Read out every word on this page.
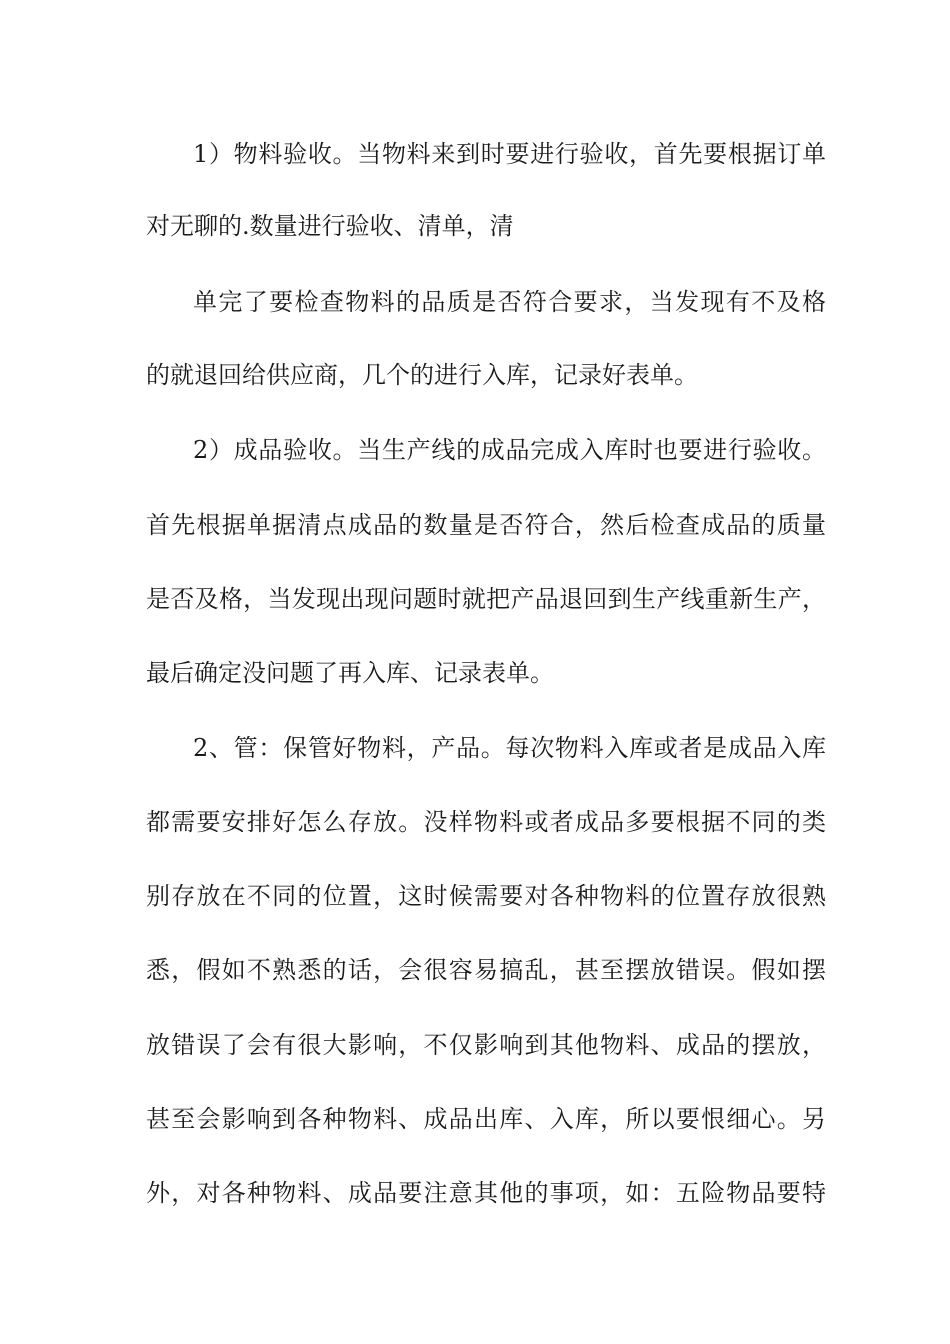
1）物料验收。当物料来到时要进行验收，首先要根据订单
对无聊的.数量进行验收、清单，清
单完了要检查物料的品质是否符合要求，当发现有不及格
的就退回给供应商，几个的进行入库，记录好表单。
2）成品验收。当生产线的成品完成入库时也要进行验收。
首先根据单据清点成品的数量是否符合，然后检查成品的质量
是否及格，当发现出现问题时就把产品退回到生产线重新生产，
最后确定没问题了再入库、记录表单。
2、管：保管好物料，产品。每次物料入库或者是成品入库
都需要安排好怎么存放。没样物料或者成品多要根据不同的类
别存放在不同的位置，这时候需要对各种物料的位置存放很熟
悉，假如不熟悉的话，会很容易搞乱，甚至摆放错误。假如摆
放错误了会有很大影响，不仅影响到其他物料、成品的摆放，
甚至会影响到各种物料、成品出库、入库，所以要恨细心。另
外，对各种物料、成品要注意其他的事项，如：五险物品要特
